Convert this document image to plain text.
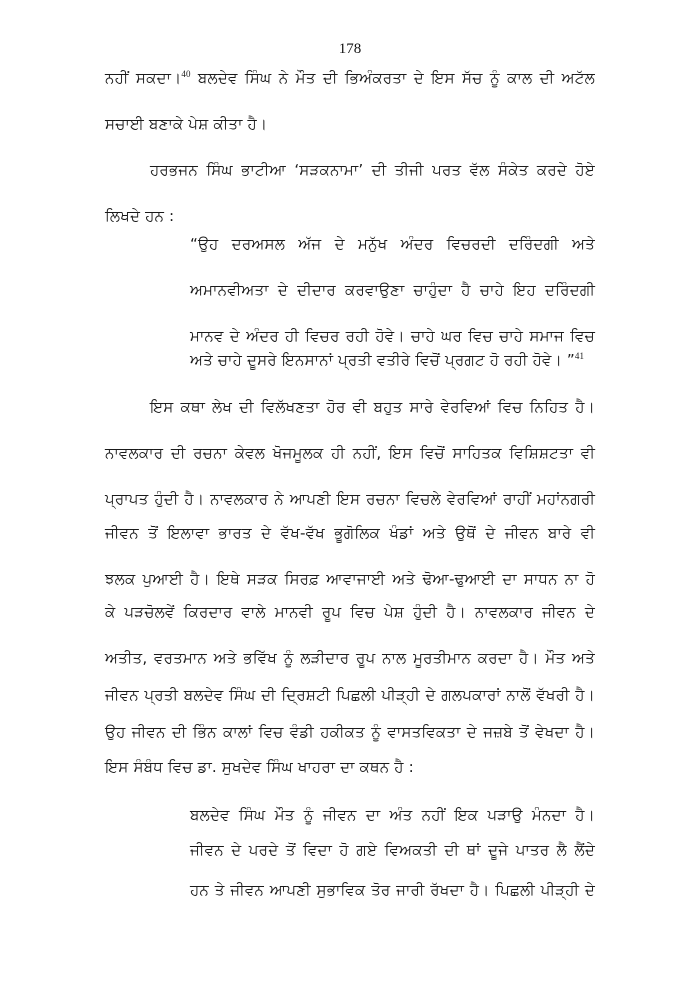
178
ਨਹੀਂ ਸਕਦਾ।$^{40}$ ਬਲਦੇਵ ਸਿੰਘ ਨੇ ਮੌਤ ਦੀ ਭਿਅੰਕਰਤਾ ਦੇ ਇਸ ਸੱਚ ਨੂੰ ਕਾਲ ਦੀ ਅਟੱਲ
ਸਚਾਈ ਬਣਾਕੇ ਪੇਸ਼ ਕੀਤਾ ਹੈ।
ਹਰਭਜਨ ਸਿੰਘ ਭਾਟੀਆ ‘ਸੜਕਨਾਮਾ’ ਦੀ ਤੀਜੀ ਪਰਤ ਵੱਲ ਸੰਕੇਤ ਕਰਦੇ ਹੋਏ
ਲਿਖਦੇ ਹਨ :
“ਉਹ ਦਰਅਸਲ ਅੱਜ ਦੇ ਮਨੁੱਖ ਅੰਦਰ ਵਿਚਰਦੀ ਦਰਿੰਦਗੀ ਅਤੇ
ਅਮਾਨਵੀਅਤਾ ਦੇ ਦੀਦਾਰ ਕਰਵਾਉਣਾ ਚਾਹੁੰਦਾ ਹੈ ਚਾਹੇ ਇਹ ਦਰਿੰਦਗੀ
ਮਾਨਵ ਦੇ ਅੰਦਰ ਹੀ ਵਿਚਰ ਰਹੀ ਹੋਵੇ। ਚਾਹੇ ਘਰ ਵਿਚ ਚਾਹੇ ਸਮਾਜ ਵਿਚ
ਅਤੇ ਚਾਹੇ ਦੂਸਰੇ ਇਨਸਾਨਾਂ ਪ੍ਰਤੀ ਵਤੀਰੇ ਵਿਚੋਂ ਪ੍ਰਗਟ ਹੋ ਰਹੀ ਹੋਵੇ। ”$^{41}$
ਇਸ ਕਥਾ ਲੇਖ ਦੀ ਵਿਲੱਖਣਤਾ ਹੋਰ ਵੀ ਬਹੁਤ ਸਾਰੇ ਵੇਰਵਿਆਂ ਵਿਚ ਨਿਹਿਤ ਹੈ।
ਨਾਵਲਕਾਰ ਦੀ ਰਚਨਾ ਕੇਵਲ ਖੋਜਮੂਲਕ ਹੀ ਨਹੀਂ, ਇਸ ਵਿਚੋਂ ਸਾਹਿਤਕ ਵਿਸ਼ਿਸ਼ਟਤਾ ਵੀ
ਪ੍ਰਾਪਤ ਹੁੰਦੀ ਹੈ। ਨਾਵਲਕਾਰ ਨੇ ਆਪਣੀ ਇਸ ਰਚਨਾ ਵਿਚਲੇ ਵੇਰਵਿਆਂ ਰਾਹੀਂ ਮਹਾਂਨਗਰੀ
ਜੀਵਨ ਤੋਂ ਇਲਾਵਾ ਭਾਰਤ ਦੇ ਵੱਖ-ਵੱਖ ਭੂਗੋਲਿਕ ਖੰਡਾਂ ਅਤੇ ਉਥੋਂ ਦੇ ਜੀਵਨ ਬਾਰੇ ਵੀ
ਝਲਕ ਪੁਆਈ ਹੈ। ਇਥੇ ਸੜਕ ਸਿਰਫ਼ ਆਵਾਜਾਈ ਅਤੇ ਢੋਆ-ਢੁਆਈ ਦਾ ਸਾਧਨ ਨਾ ਹੋ
ਕੇ ਪੜਚੋਲਵੇਂ ਕਿਰਦਾਰ ਵਾਲੇ ਮਾਨਵੀ ਰੂਪ ਵਿਚ ਪੇਸ਼ ਹੁੰਦੀ ਹੈ। ਨਾਵਲਕਾਰ ਜੀਵਨ ਦੇ
ਅਤੀਤ, ਵਰਤਮਾਨ ਅਤੇ ਭਵਿੱਖ ਨੂੰ ਲੜੀਦਾਰ ਰੂਪ ਨਾਲ ਮੂਰਤੀਮਾਨ ਕਰਦਾ ਹੈ। ਮੌਤ ਅਤੇ
ਜੀਵਨ ਪ੍ਰਤੀ ਬਲਦੇਵ ਸਿੰਘ ਦੀ ਦ੍ਰਿਸ਼ਟੀ ਪਿਛਲੀ ਪੀੜ੍ਹੀ ਦੇ ਗਲਪਕਾਰਾਂ ਨਾਲੋਂ ਵੱਖਰੀ ਹੈ।
ਉਹ ਜੀਵਨ ਦੀ ਭਿੰਨ ਕਾਲਾਂ ਵਿਚ ਵੰਡੀ ਹਕੀਕਤ ਨੂੰ ਵਾਸਤਵਿਕਤਾ ਦੇ ਜਜ਼ਬੇ ਤੋਂ ਵੇਖਦਾ ਹੈ।
ਇਸ ਸੰਬੰਧ ਵਿਚ ਡਾ. ਸੁਖਦੇਵ ਸਿੰਘ ਖਾਹਰਾ ਦਾ ਕਥਨ ਹੈ :
ਬਲਦੇਵ ਸਿੰਘ ਮੌਤ ਨੂੰ ਜੀਵਨ ਦਾ ਅੰਤ ਨਹੀਂ ਇਕ ਪੜਾਉ ਮੰਨਦਾ ਹੈ।
ਜੀਵਨ ਦੇ ਪਰਦੇ ਤੋਂ ਵਿਦਾ ਹੋ ਗਏ ਵਿਅਕਤੀ ਦੀ ਥਾਂ ਦੂਜੇ ਪਾਤਰ ਲੈ ਲੈਂਦੇ
ਹਨ ਤੇ ਜੀਵਨ ਆਪਣੀ ਸੁਭਾਵਿਕ ਤੋਰ ਜਾਰੀ ਰੱਖਦਾ ਹੈ। ਪਿਛਲੀ ਪੀੜ੍ਹੀ ਦੇ
